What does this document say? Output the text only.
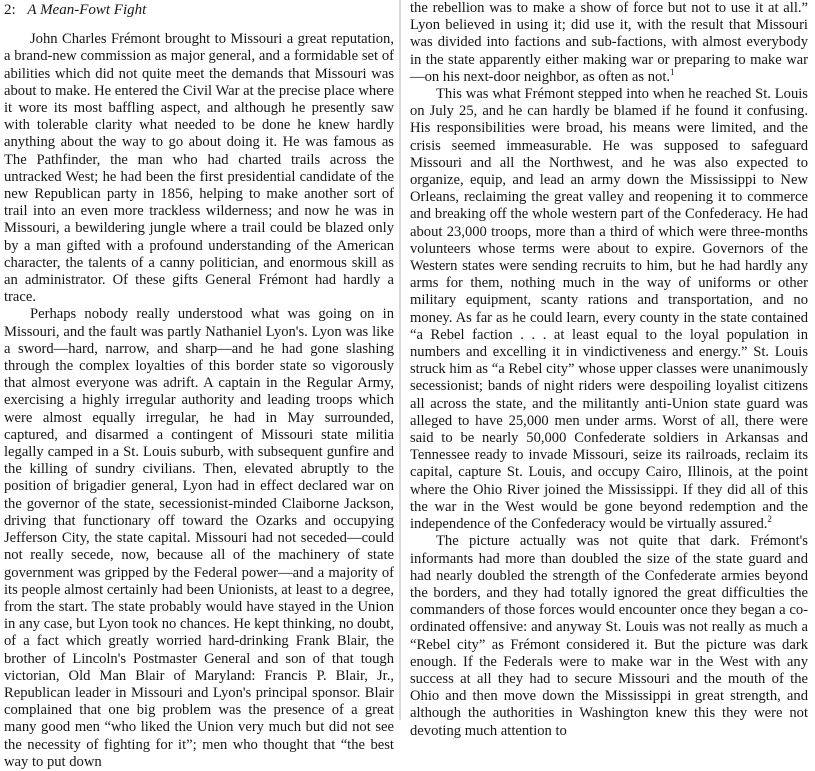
2: A Mean-Fowt Fight

John Charles Frémont brought to Missouri a great reputation, a brand-new commission as major general, and a formidable set of abilities which did not quite meet the demands that Missouri was about to make. He entered the Civil War at the precise place where it wore its most baffling aspect, and although he presently saw with tolerable clarity what needed to be done he knew hardly anything about the way to go about doing it. He was famous as The Pathfinder, the man who had charted trails across the untracked West; he had been the first presidential candidate of the new Republican party in 1856, helping to make another sort of trail into an even more trackless wilderness; and now he was in Missouri, a bewildering jungle where a trail could be blazed only by a man gifted with a profound understanding of the American character, the talents of a canny politician, and enormous skill as an administrator. Of these gifts General Frémont had hardly a trace.

Perhaps nobody really understood what was going on in Missouri, and the fault was partly Nathaniel Lyon's. Lyon was like a sword—hard, narrow, and sharp—and he had gone slashing through the complex loyalties of this border state so vigorously that almost everyone was adrift. A captain in the Regular Army, exercising a highly irregular authority and leading troops which were almost equally irregular, he had in May surrounded, captured, and disarmed a contingent of Missouri state militia legally camped in a St. Louis suburb, with subsequent gunfire and the killing of sundry civilians. Then, elevated abruptly to the position of brigadier general, Lyon had in effect declared war on the governor of the state, secessionist-minded Claiborne Jackson, driving that functionary off toward the Ozarks and occupying Jefferson City, the state capital. Missouri had not seceded—could not really secede, now, because all of the machinery of state government was gripped by the Federal power—and a majority of its people almost certainly had been Unionists, at least to a degree, from the start. The state probably would have stayed in the Union in any case, but Lyon took no chances. He kept thinking, no doubt, of a fact which greatly worried hard-drinking Frank Blair, the brother of Lincoln's Postmaster General and son of that tough victorian, Old Man Blair of Maryland: Francis P. Blair, Jr., Republican leader in Missouri and Lyon's principal sponsor. Blair complained that one big problem was the presence of a great many good men “who liked the Union very much but did not see the necessity of fighting for it”; men who thought that “the best way to put down

the rebellion was to make a show of force but not to use it at all.” Lyon believed in using it; did use it, with the result that Missouri was divided into factions and sub-factions, with almost everybody in the state apparently either making war or preparing to make war—on his next-door neighbor, as often as not.$^1$

This was what Frémont stepped into when he reached St. Louis on July 25, and he can hardly be blamed if he found it confusing. His responsibilities were broad, his means were limited, and the crisis seemed immeasurable. He was supposed to safeguard Missouri and all the Northwest, and he was also expected to organize, equip, and lead an army down the Mississippi to New Orleans, reclaiming the great valley and reopening it to commerce and breaking off the whole western part of the Confederacy. He had about 23,000 troops, more than a third of which were three-months volunteers whose terms were about to expire. Governors of the Western states were sending recruits to him, but he had hardly any arms for them, nothing much in the way of uniforms or other military equipment, scanty rations and transportation, and no money. As far as he could learn, every county in the state contained “a Rebel faction . . . at least equal to the loyal population in numbers and excelling it in vindictiveness and energy.” St. Louis struck him as “a Rebel city” whose upper classes were unanimously secessionist; bands of night riders were despoiling loyalist citizens all across the state, and the militantly anti-Union state guard was alleged to have 25,000 men under arms. Worst of all, there were said to be nearly 50,000 Confederate soldiers in Arkansas and Tennessee ready to invade Missouri, seize its railroads, reclaim its capital, capture St. Louis, and occupy Cairo, Illinois, at the point where the Ohio River joined the Mississippi. If they did all of this the war in the West would be gone beyond redemption and the independence of the Confederacy would be virtually assured.$^2$

The picture actually was not quite that dark. Frémont's informants had more than doubled the size of the state guard and had nearly doubled the strength of the Confederate armies beyond the borders, and they had totally ignored the great difficulties the commanders of those forces would encounter once they began a co-ordinated offensive: and anyway St. Louis was not really as much a “Rebel city” as Frémont considered it. But the picture was dark enough. If the Federals were to make war in the West with any success at all they had to secure Missouri and the mouth of the Ohio and then move down the Mississippi in great strength, and although the authorities in Washington knew this they were not devoting much attention to
